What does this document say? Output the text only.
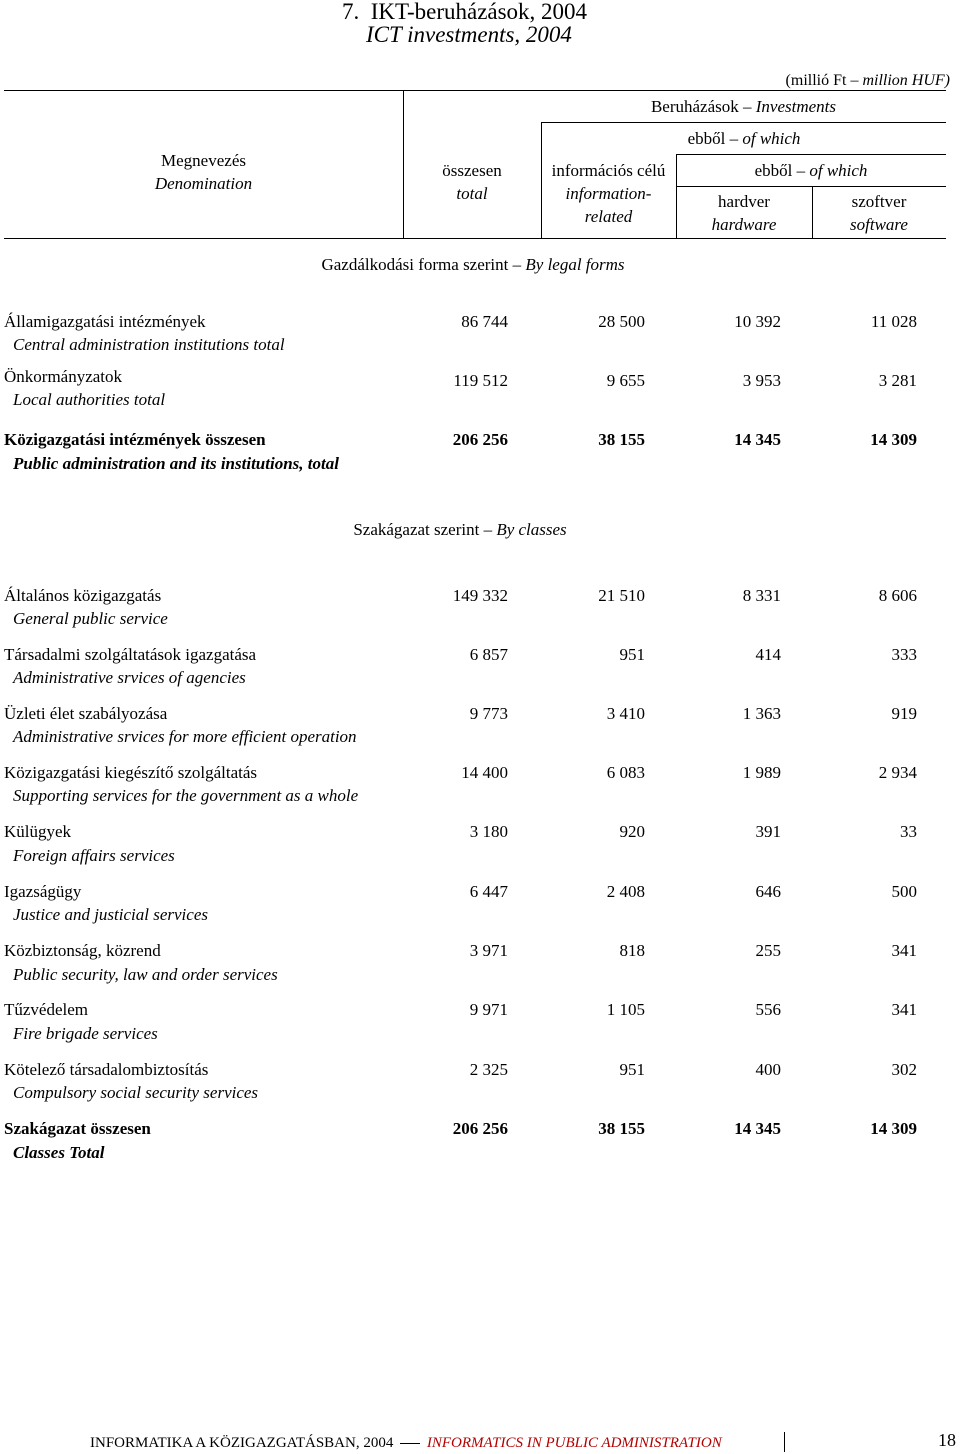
7. IKT-beruházások, 2004
ICT investments, 2004
(millió Ft – million HUF)
Megnevezés
Denomination
Beruházások – Investments
összesen
total
ebből – of which
információs célú
information-
related
ebből – of which
hardver
hardware
szoftver
software
Gazdálkodási forma szerint – By legal forms
Államigazgatási intézmények
Central administration institutions total
86 744	28 500	10 392	11 028
Önkormányzatok
Local authorities total
119 512	9 655	3 953	3 281
Közigazgatási intézmények összesen
Public administration and its institutions, total
206 256	38 155	14 345	14 309
Szakágazat szerint – By classes
Általános közigazgatás
General public service
149 332	21 510	8 331	8 606
Társadalmi szolgáltatások igazgatása
Administrative srvices of agencies
6 857	951	414	333
Üzleti élet szabályozása
Administrative srvices for more efficient operation
9 773	3 410	1 363	919
Közigazgatási kiegészítő szolgáltatás
Supporting services for the government as a whole
14 400	6 083	1 989	2 934
Külügyek
Foreign affairs services
3 180	920	391	33
Igazságügy
Justice and justicial services
6 447	2 408	646	500
Közbiztonság, közrend
Public security, law and order services
3 971	818	255	341
Tűzvédelem
Fire brigade services
9 971	1 105	556	341
Kötelező társadalombiztosítás
Compulsory social security services
2 325	951	400	302
Szakágazat összesen
Classes Total
206 256	38 155	14 345	14 309
INFORMATIKA A KÖZIGAZGATÁSBAN, 2004 INFORMATICS IN PUBLIC ADMINISTRATION	18
